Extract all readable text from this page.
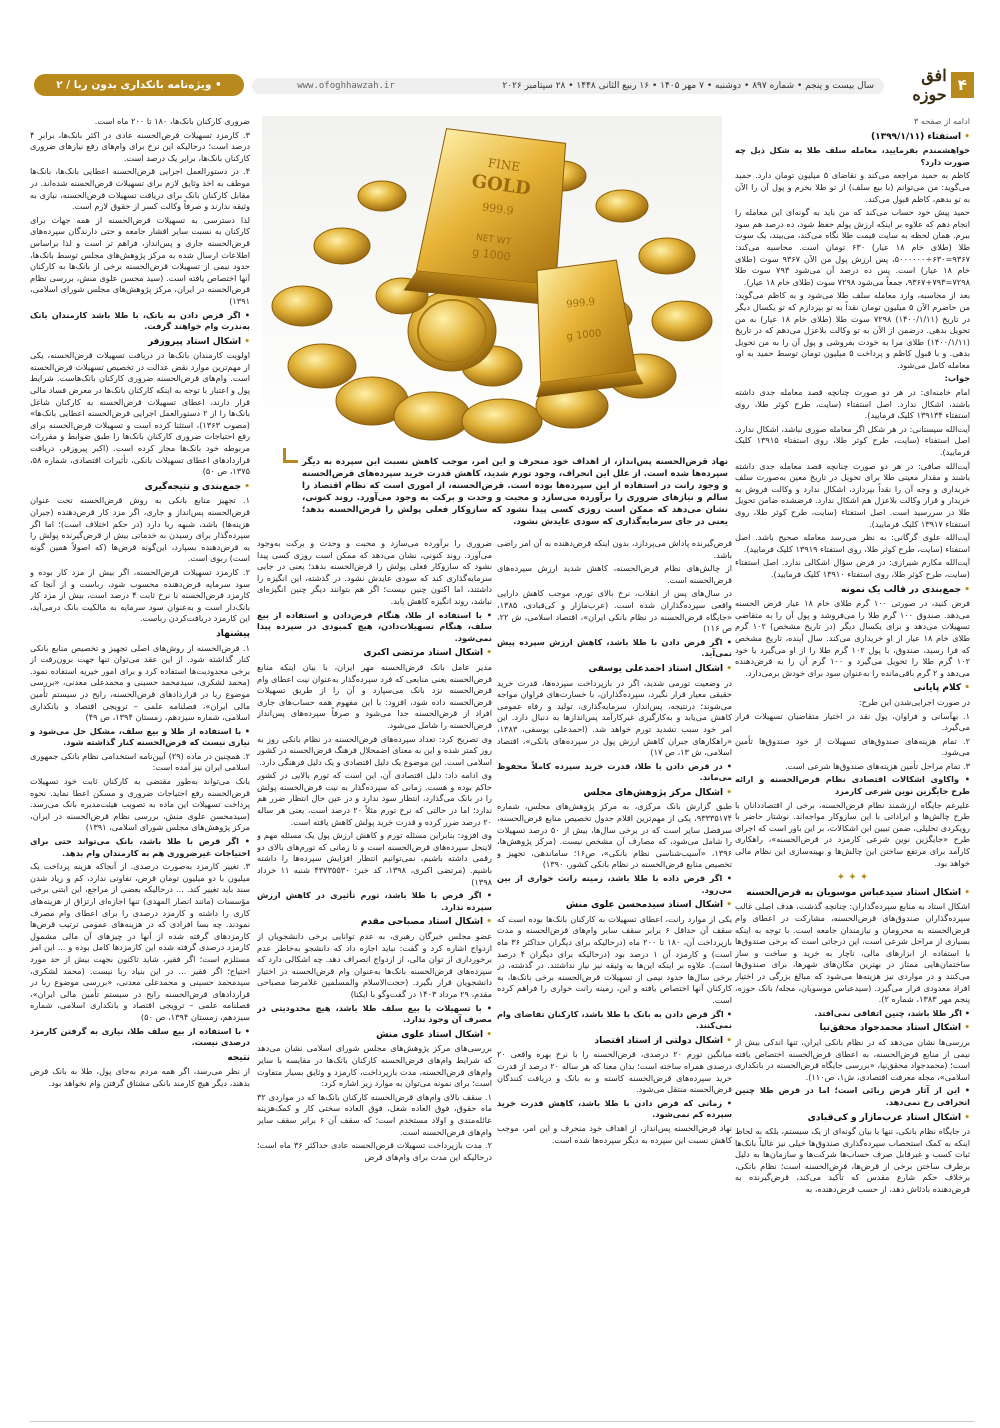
۴
افق حوزه
سال بیست و پنجم • شماره ۸۹۷ • دوشنبه • ۷ مهر ۱۴۰۵ • ۱۶ ربیع الثانی ۱۴۴۸ • ۲۸ سپتامبر ۲۰۲۶
www.ofoghhawzah.ir
• ویژه‌نامه بانکداری بدون ربا / ۲

ادامه از صفحه ۳

• استفتاء (۱۳۹۹/۱/۱۱)

خواهشمندم بفرمایید، معامله سلف طلا به شکل ذیل چه صورت دارد؟

کاظم به حمید مراجعه می‌کند و تقاضای ۵ میلیون تومان دارد. حمید می‌گوید: من می‌توانم (با بیع سلف) از تو طلا بخرم و پول آن را الآن به تو بدهم، کاظم قبول می‌کند.

حمید پیش خود حساب می‌کند که من باید به گونه‌ای این معامله را انجام دهم که علاوه بر اینکه ارزش پولم حفظ شود، ده درصد هم سود ببرم. همان لحظه به سایت قیمت طلا نگاه می‌کند، می‌بیند، یک سوت طلا (طلای خام ۱۸ عیار) ۶۳۰ تومان است. محاسبه می‌کند: ۹۳۶۷=۶۳۰÷۵۰۰۰۰۰۰، پس ارزش پول من الآن ۹۳۶۷ سوت (طلای خام ۱۸ عیار) است. پس ده درصد آن می‌شود ۷۹۳ سوت طلا ۷۲۹۸=۷۹۳+۹۳۶۷، جمعاً می‌شود ۷۲۹۸ سوت (طلای خام ۱۸ عیار).

بعد از محاسبه، وارد معامله سلف طلا می‌شود و به کاظم می‌گوید: من حاضرم الآن ۵ میلیون تومان نقداً به تو بپردازم که تو یکسال دیگر در تاریخ (۱۴۰۰/۱/۱۱) ۷۲۹۸ سوت طلا (طلای خام ۱۸ عیار) به من تحویل بدهی. درضمن از الآن به تو وکالت بلاعزل می‌دهم که در تاریخ (۱۴۰۰/۱/۱۱) طلای مرا به خودت بفروشی و پول آن را به من تحویل بدهی. و با قبول کاظم و پرداخت ۵ میلیون تومان توسط حمید به او، معامله کامل می‌شود.

جواب:

امام خامنه‌ای: در هر دو صورت چنانچه قصد معامله جدی داشته باشند، اشکال ندارد. اصل استفتاء (سایت، طرح کوثر طلا، روی استفتاء ۱۳۹۱۳۴ کلیک فرمایید).

آیت‌الله سیستانی: در هر شکل اگر معامله صوری نباشد، اشکال ندارد. اصل استفتاء (سایت، طرح کوثر طلا، روی استفتاء ۱۳۹۱۵ کلیک فرمایید).

آیت‌الله صافی: در هر دو صورت چنانچه قصد معامله جدی داشته باشند و مقدار معینی طلا برای تحویل در تاریخ معین به‌صورت سلف خریداری و وجه آن را نقداً بپردازد، اشکال ندارد و وکالت فروش به خریدار و قرار وکالت بلاعزل هم اشکال ندارد. فرضشده ضامن تحویل طلا در سررسید است. اصل استفتاء (سایت، طرح کوثر طلا، روی استفتاء ۱۳۹۱۷ کلیک فرمایید).

آیت‌الله علوی گرگانی: به نظر می‌رسد معامله صحیح باشد. اصل استفتاء (سایت، طرح کوثر طلا، روی استفتاء ۱۳۹۱۹ کلیک فرمایید).

آیت‌الله مکارم شیرازی: در فرض سؤال اشکالی ندارد. اصل استفتاء (سایت، طرح کوثر طلا، روی استفتاء ۱۳۹۱۰ کلیک فرمایید).

• جمع‌بندی در قالب یک نمونه

فرض کنید، در صورتی ۱۰۰ گرم طلای خام ۱۸ عیار قرض الحسنه می‌دهد. صندوق ۱۰۰ گرم طلا را می‌فروشد و پول آن را به متقاضی تسهیلات می‌دهد و برای یکسال دیگر (در تاریخ مشخص) ۱۰۲ گرم طلای خام ۱۸ عیار از او خریداری می‌کند. سال آینده، تاریخ مشخص که فرا رسید، صندوق، با پول ۱۰۲ گرم طلا را از او می‌گیرد یا خود ۱۰۲ گرم طلا را تحویل می‌گیرد و ۱۰۰ گرم آن را به قرض‌دهنده می‌دهد و ۲ گرم باقی‌مانده را به‌عنوان سود برای خودش برمی‌دارد.

• کلام پایانی

در صورت اجرایی‌شدن این طرح:

۱. بهآسانی و فراوان، پول نقد در اختیار متقاضیان تسهیلات قرار می‌گیرد.

۲. تمام هزینه‌های صندوق‌های تسهیلات از خود صندوق‌ها تأمین می‌شود.

۳. تمام مراحل تأمین هزینه‌های صندوق‌ها شرعی است.

• واکاوی اشکالات اقتصادی نظام قرض‌الحسنه و ارائه طرح جایگزین نوین شرعی کارمزد

علیرغم جایگاه ارزشمند نظام قرض‌الحسنه، برخی از اقتصاددانان با طرح چالش‌ها و ایراداتی با این سازوکار مواجه‌اند. نوشتار حاضر با رویکردی تحلیلی، ضمن تبیین این اشکالات، بر این باور است که اجرای طرح «جایگزین نوین شرعی کارمزد در قرض‌الحسنه»، راهکاری کارآمد برای مرتفع ساختن این چالش‌ها و بهینه‌سازی این نظام مالی خواهد بود.

✦ ✦ ✦
• اشکال استاد سیدعباس موسویان به قرض‌الحسنه

اشکال استاد به منابع سپرده‌گذاران: چنانچه گذشت، هدف اصلی غالب سپرده‌گذاران صندوق‌های قرض‌الحسنه، مشارکت در اعطای وام قرض‌الحسنه به محرومان و نیازمندان جامعه است. با توجه به اینکه بسیاری از مراحل شرعی است، این درجاتی است که برخی صندوق‌ها با استفاده از ابزارهای مالی، ناچار به خرید و ساخت و ساز ساختمان‌هایی ممتاز در بهترین مکان‌های شهرها، برای صندوق‌ها می‌کنند و در مواردی نیز هزینه‌ها می‌شود که مبالغ بزرگی در اختیار افراد معدودی قرار می‌گیرد. (سیدعباس موسویان، مجله/ بانک حوزه، پنجم مهر ۱۳۸۳، شماره ۲).

• اگر طلا باشد، چنین اتفاقی نمی‌افتد.

• اشکال استاد محمدجواد محقق‌نیا

بررسی‌ها نشان می‌دهد که در نظام بانکی ایران، تنها اندکی بیش از نیمی از منابع قرض‌الحسنه، به اعطای قرض‌الحسنه اختصاص یافته است؛ (محمدجواد محقق‌نیا، «بررسی جایگاه قرض‌الحسنه در بانکداری اسلامی»، مجله معرفت اقتصادی، ش۱، ص۱۱۰).

• این از آثار قرض ربائی است؛ اما در قرض طلا چنین انحرافی رخ نمی‌دهد.

• اشکال استاد عرب‌مازار و کی‌قبادی

در جایگاه نظام بانکی، تنها با بیان گونه‌ای از یک سیستم، بلکه به لحاظ اینکه به کمک استحصاب سپرده‌گذاری صندوق‌ها خیلی نیز غالباً بانک‌ها ثبات کسب و غیرقابل صرف حساب‌ها شرکت‌ها و سازمان‌ها به دلیل برطرف ساختن برخی از قرض‌ها، قرض‌الحسنه است؛ نظام بانکی، برخلاف حکم شارع مقدس که تأکید می‌کند، قرض‌گیرنده به قرض‌دهنده بادئاش دهد، از حسب قرض‌دهنده، به

FINE
GOLD
999.9
NET WT
1000 g
999.9
1000 g
نهاد قرض‌الحسنه پس‌انداز، از اهداف خود منحرف و این امر، موجب کاهش نسبت این سپرده به دیگر سپرده‌ها شده است. از علل این انحراف، وجود تورم شدید، کاهش قدرت خرید سپرده‌های قرض‌الحسنه و وجود رانت در استفاده از این سپرده‌ها بوده است. قرض‌الحسنه، از اموری است که نظام اقتصاد را سالم و نیازهای ضروری را برآورده می‌سازد و محبت و وحدت و برکت به وجود می‌آورد. روند کنونی، نشان می‌دهد که ممکن است روزی کسی پیدا نشود که سازوکار فعلی پولش را قرض‌الحسنه بدهد؛ یعنی در جای سرمایه‌گذاری که سودی عایدش نشود.

قرض‌گیرنده پاداش می‌پردازد، بدون اینکه قرض‌دهنده به آن امر راضی باشد.

از چالش‌های نظام قرض‌الحسنه، کاهش شدید ارزش سپرده‌های قرض‌الحسنه است.

در سال‌های پس از انقلاب، نرخ بالای تورم، موجب کاهش دارایی واقعی سپرده‌گذاران شده است. (عرب‌مازار و کی‌قبادی، ۱۳۸۵، «جایگاه قرض‌الحسنه در نظام بانکی ایران»، اقتصاد اسلامی، ش ۲۲، ص ۱۱۶)

• اگر قرض دادن با طلا باشد، کاهش ارزش سپرده پیش نمی‌آید.

• اشکال استاد احمدعلی یوسفی

در وضعیت تورمی شدید، اگر در بازپرداخت سپرده‌ها، قدرت خرید حقیقی معیار قرار نگیرد، سپرده‌گذاران، با خسارت‌های فراوان مواجه می‌شوند؛ درنتیجه، پس‌انداز، سرمایه‌گذاری، تولید و رفاه عمومی کاهش می‌یابد و به‌کارگیری غیرکارآمد پس‌اندازها به دنبال دارد. این امر خود سبب تشدید تورم خواهد شد. (احمدعلی یوسفی، ۱۳۸۳، «راهکارهای جبران کاهش ارزش پول در سپرده‌های بانکی»، اقتصاد اسلامی، ش ۱۳، ص ۱۷)

• در قرض دادن با طلا، قدرت خرید سپرده کاملاً محفوظ می‌ماند.

• اشکال مرکز پژوهش‌های مجلس

طبق گزارش بانک مرکزی، به مرکز پژوهش‌های مجلس، شماره ۹۳۳۳۵۱۷۴، یکی از مهم‌ترین اقلام جدول تخصیص منابع قرض‌الحسنه، سرفصل سایر است که در برخی سال‌ها، بیش از ۵۰ درصد تسهیلات را شامل می‌شود، که مصارف آن مشخص نیست. (مرکز پژوهش‌ها، ۱۳۹۶، «آسیب‌شناسی نظام بانکی»، ص۱۶؛ ساماندهی، تجهیز و تخصیص منابع قرض‌الحسنه در نظام بانکی کشور، ۱۳۹۰)

• اگر قرض داده با طلا باشد، زمینه رانت خواری از بین می‌رود.

• اشکال استاد سیدمحسن علوی منش

یکی از موارد رانت، اعطای تسهیلات به کارکنان بانک‌ها بوده است که سقف آن حداقل ۶ برابر سقف سایر وام‌های قرض‌الحسنه و مدت بازپرداخت آن، ۱۸۰ تا ۲۰۰ ماه (درحالیکه برای دیگران حداکثر ۳۶ ماه است) و کارمزد آن ۱ درصد بود (درحالیکه برای دیگران ۴ درصد است). علاوه بر اینکه این‌ها به وثیقه نیز نیاز نداشتند. در گذشته، در برخی سال‌ها حدود نیمی از تسهیلات قرض‌الحسنه برخی بانک‌ها، به کارکنان آنها اختصاص یافته و این، زمینه رانت خواری را فراهم کرده است.

• اگر قرض دادن به بانک با طلا باشد، کارکنان تقاضای وام نمی‌کنند.

• اشکال دولتی از استاد اقتصاد

میانگین تورم ۲۰ درصدی، قرض‌الحسنه را با نرخ بهره واقعی ۲۰ درصدی همراه ساخته است؛ بدان معنا که هر ساله ۲۰ درصد از قدرت خرید سپرده‌های قرض‌الحسنه کاسته و به بانک و دریافت کنندگان قرض‌الحسنه منتقل می‌شود.

• زمانی که قرض دادن با طلا باشد، کاهش قدرت خرید سپرده کم نمی‌شود.

نهاد قرض‌الحسنه پس‌انداز، از اهداف خود منحرف و این امر، موجب کاهش نسبت این سپرده به دیگر سپرده‌ها شده است.

ضروری را برآورده می‌سازد و محبت و وحدت و برکت به‌وجود می‌آورد. روند کنونی، نشان می‌دهد که ممکن است روزی کسی پیدا نشود که سازوکار فعلی پولش را قرض‌الحسنه بدهد؛ یعنی در جایی سرمایه‌گذاری کند که سودی عایدش نشود. در گذشته، این انگیزه را داشتند، اما اکنون چنین نیست؛ اگر هم بتوانند دیگر چنین انگیزه‌ای نباشد، روند انگیزه کاهش یابد.

• با استفاده از طلا، هنگام قرض‌دادن و استفاده از بیع سلف، هنگام تسهیلات‌دادن، هیچ کمبودی در سپرده پیدا نمی‌شود.

• اشکال استاد مرتضی اکبری

مدیر عامل بانک قرض‌الحسنه مهر ایران، با بیان اینکه منابع قرض‌الحسنه یعنی منابعی که فرد سپرده‌گذار به‌عنوان نیت اعطای وام قرض‌الحسنه نزد بانک می‌سپارد و آن را از طریق تسهیلات قرض‌الحسنه داده شود، افزود: با این مفهوم همه حساب‌های جاری افراد از قرض‌الحسنه جدا می‌شود و صرفاً سپرده‌های پس‌انداز قرض‌الحسنه را شامل می‌شود.

وی تصریح کرد: تعداد سپرده‌های قرض‌الحسنه در نظام بانکی روز به روز کمتر شده و این به معنای اضمحلال فرهنگ قرض‌الحسنه در کشور اسلامی است. این موضوع یک دلیل اقتصادی و یک دلیل فرهنگی دارد.

وی ادامه داد: دلیل اقتصادی آن، این است که تورم بالایی در کشور حاکم بوده و هست. زمانی که سپرده‌گذار به نیت قرض‌الحسنه پولش را در بانک می‌گذارد، انتظار سود ندارد و در عین حال انتظار ضرر هم ندارد؛ اما در حالتی که نرخ تورم مثلاً ۲۰ درصد است، یعنی هر ساله ۲۰ درصد ضرر کرده و قدرت خرید پولش کاهش یافته است.

وی افزود: بنابراین مسئله تورم و کاهش ارزش پول یک مسئله مهم و لاینحل سپرده‌های قرض‌الحسنه است و تا زمانی که تورم‌های بالای دو رقمی داشته باشیم، نمی‌توانیم انتظار افزایش سپرده‌ها را داشته باشیم. (مرتضی اکبری، ۱۳۹۸، کد خبر: ۴۳۷۳۵۵۳۰ شنبه ۱۱ خرداد ۱۳۹۸)

• اگر قرض با طلا باشد، تورم تأثیری در کاهش ارزش سپرده ندارد.

• اشکال استاد مصباحی مقدم

عضو مجلس خبرگان رهبری، به عدم توانایی برخی دانشجویان از ازدواج اشاره کرد و گفت: نباید اجازه داد که دانشجو به‌خاطر عدم برخورداری از توان مالی، از ازدواج انصراف دهد. چه اشکالی دارد که سپرده‌های قرض‌الحسنه بانک‌ها به‌عنوان وام قرض‌الحسنه در اختیار دانشجویان قرار بگیرد. (حجت‌الاسلام والمسلمین غلامرضا مصباحی مقدم، ۲۹ مرداد ۱۴۰۳ در گفت‌وگو با ایکنا)

• با تسهیلات با بیع سلف طلا باشد، هیچ محدودیتی در مصرف آن وجود ندارد.

• اشکال استاد علوی منش

بررسی‌های مرکز پژوهش‌های مجلس شورای اسلامی نشان می‌دهد که شرایط وام‌های قرض‌الحسنه کارکنان بانک‌ها در مقایسه با سایر وام‌های قرض‌الحسنه، مدت بازپرداخت، کارمزد و وثایق بسیار متفاوت است؛ برای نمونه می‌توان به موارد زیر اشاره کرد:

۱. سقف بالای وام‌های قرض‌الحسنه کارکنان بانک‌ها که در مواردی ۳۲ ماه حقوق، فوق العاده شغل، فوق العاده سختی کار و کمک‌هزینه عائله‌مندی و اولاد مستخدم است؛ که سقف آن ۶ برابر سقف سایر وام‌های قرض‌الحسنه است.

۲. مدت بازپرداخت تسهیلات قرض‌الحسنه عادی حداکثر ۳۶ ماه است؛ درحالیکه این مدت برای وام‌های قرض

ضروری کارکنان بانک‌ها، ۱۸۰ تا ۲۰۰ ماه است.

۳. کارمزد تسهیلات قرض‌الحسنه عادی در اکثر بانک‌ها، برابر ۴ درصد است؛ درحالیکه این نرخ برای وام‌های رفع نیازهای ضروری کارکنان بانک‌ها، برابر یک درصد است.

۴. در دستورالعمل اجرایی قرض‌الحسنه اعطایی بانک‌ها، بانک‌ها موظف به اخذ وثایق لازم برای تسهیلات قرض‌الحسنه شده‌اند. در مقابل کارکنان بانک برای دریافت تسهیلات قرض‌الحسنه، نیازی به وثیقه ندارند و صرفاً وکالت کسر از حقوق لازم است.

لذا دسترسی به تسهیلات قرض‌الحسنه از همه جهات برای کارکنان به نسبت سایر اقشار جامعه و حتی دارندگان سپرده‌های قرض‌الحسنه جاری و پس‌انداز، فراهم تر است و لذا براساس اطلاعات ارسال شده به مرکز پژوهش‌های مجلس توسط بانک‌ها، حدود نیمی از تسهیلات قرض‌الحسنه برخی از بانک‌ها به کارکنان آنها اختصاص یافته است. (سید محسن علوی منش، بررسی نظام قرض‌الحسنه در ایران، مرکز پژوهش‌های مجلس شورای اسلامی، ۱۳۹۱)

• اگر قرض دادن به بانک، با طلا باشد کارمندان بانک به‌ندرت وام خواهند گرفت.

• اشکال استاد پیروزفر

اولویت کارمندان بانک‌ها در دریافت تسهیلات قرض‌الحسنه، یکی از مهم‌ترین موارد نقض عدالت در تخصیص تسهیلات قرض‌الحسنه است. وام‌های قرض‌الحسنه ضروری کارکنان بانک‌هاست. شرایط پول و اعتبار با توجه به اینکه کارکنان بانک‌ها در معرض فساد مالی قرار دارند، اعطای تسهیلات قرض‌الحسنه به کارکنان شاغل بانک‌ها را از ۲ دستورالعمل اجرایی قرض‌الحسنه اعطایی بانک‌ها» (مصوب ۱۳۶۳)، استثنا کرده است و تسهیلات قرض‌الحسنه برای رفع احتیاجات ضروری کارکنان بانک‌ها را طبق ضوابط و مقررات مربوطه خود بانک‌ها مجاز کرده است. (اکبر پیروزفر، دریافت قرارداد‌های اعطای تسهیلات بانکی، تأثیرات اقتصادی، شماره ۵۸، ۱۳۷۵، ص ۵۰)

• جمع‌بندی و نتیجه‌گیری

۱. تجهیز منابع بانکی به روش قرض‌الحسنه تحت عنوان قرض‌الحسنه پس‌انداز و جاری، اگر مزد کار قرض‌دهنده (جبران هزینه‌ها) باشد، شبهه ربا دارد (در حکم اختلاف است)؛ اما اگر سپرده‌گذار برای رسیدن به خدماتی بیش از قرض‌گیرنده پولش را به قرض‌دهنده بسپارد، این‌گونه قرض‌ها (که اصولاً همین گونه است) ربوی است.

۲. کارمزد تسهیلات قرض‌الحسنه، اگر بیش از مزد کار بوده و سود سرمایه قرض‌دهنده محسوب شود، رباست و از آنجا که کارمزد قرض‌الحسنه با نرخ ثابت ۴ درصد است، بیش از مزد کار بانک‌دار است و به‌عنوان سود سرمایه به مالکیت بانک درمی‌آید، این کارمزد دریافت‌کردن رباست.

پیشنهاد

۱. قرض‌الحسنه از روش‌های اصلی تجهیز و تخصیص منابع بانکی کنار گذاشته شود. از این عقد می‌توان تنها جهت برون‌رفت از برخی محدودیت‌ها استفاده کرد و برای امور خیریه استفاده نمود. (محمد لشکری، سیدمحمد حسینی و محمدعلی معدنی، «بررسی موضوع ربا در قراردادهای قرض‌الحسنه، رابح در سیستم تأمین مالی ایران»، فصلنامه علمی – ترویجی اقتصاد و بانکداری اسلامی، شماره سیزدهم، زمستان ۱۳۹۴، ص ۴۹)

• با استفاده از طلا و بیع سلف، مشکل حل می‌شود و نیازی نیست که قرض‌الحسنه کنار گذاشته شود.

۲. همچنین در ماده (۲۹) آیین‌نامه استخدامی نظام بانکی جمهوری اسلامی ایران نیز آمده است:

بانک می‌تواند به‌طور مقتضی به کارکنان ثابت خود تسهیلات قرض‌الحسنه رفع احتیاجات ضروری و مسکن اعطا نماید. نحوه پرداخت تسهیلات این ماده به تصویب هیئت‌مدیره بانک می‌رسد. (سیدمحسن علوی منش، بررسی نظام قرض‌الحسنه در ایران، مرکز پژوهش‌های مجلس شورای اسلامی، ۱۳۹۱)

• اگر قرض با طلا باشد، بانک می‌تواند حتی برای احتیاجات غیرضروری هم به کارمندان وام بدهد.

۳. تغییر کارمزد به‌صورت درصدی. از آنجاکه هزینه پرداخت یک میلیون با دو میلیون تومان قرض، تفاوتی ندارد، کم و زیاد شدن سند باید تغییر کند. ... درحالیکه بعضی از مراجع، این ابتنی برخی مؤسسات (مانند انصار المهدی) تنها اجازه‌ای ارتزاق از هزینه‌های کاری را داشته و کارمزد درصدی را برای اعطای وام مصرف نمودند. چه بسا افرادی که در هزینه‌های عمومی ترتیب قرض‌ها کارمزدهای گرفته شده از آنها در چیزهای آن مالی مشمول کارمزد درصدی گرفته شده این کارمزدها کامل بوده و ... این امر مستلزم است؛ اگر فقیر، شاید تاکنون بجهت بیش از حد مورد احتیاج؛ اگر فقیر ... در این بنیاد ربا نیست. (محمد لشکری، سیدمحمد حسینی و محمدعلی معدنی، «بررسی موضوع ربا در قراردادهای قرض‌الحسنه رابح در سیستم تأمین مالی ایران»، فصلنامه علمی – ترویجی اقتصاد و بانکداری اسلامی، شماره سیزدهم، زمستان ۱۳۹۴، ص ۵۰)

• با استفاده از بیع سلف طلا، نیازی به گرفتن کارمزد درصدی نیست.

نتیجه

از نظر می‌رسد، اگر همه مردم به‌جای پول، طلا به بانک قرض بدهند، دیگر هیچ کارمند بانکی مشتاق گرفتن وام نخواهد بود.
